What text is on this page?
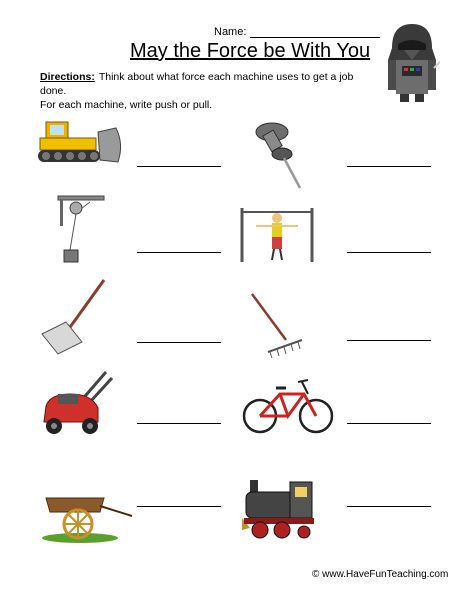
Name:
May the Force be With You
Directions: Think about what force each machine uses to get a job done.
For each machine, write push or pull.
© www.HaveFunTeaching.com
